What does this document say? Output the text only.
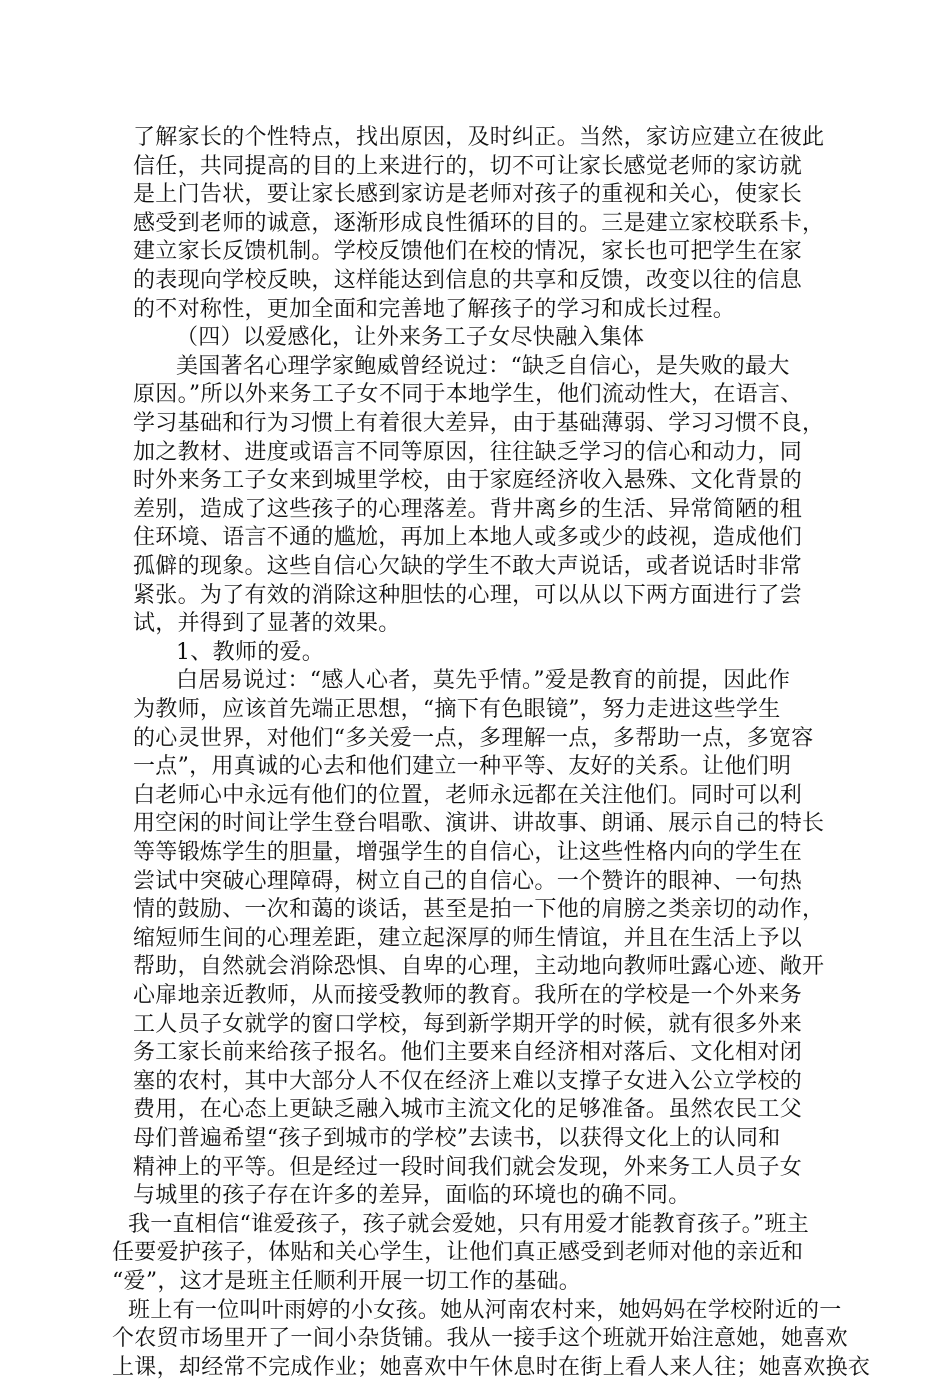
了解家长的个性特点，找出原因，及时纠正。当然，家访应建立在彼此
信任，共同提高的目的上来进行的，切不可让家长感觉老师的家访就
是上门告状，要让家长感到家访是老师对孩子的重视和关心，使家长
感受到老师的诚意，逐渐形成良性循环的目的。三是建立家校联系卡，
建立家长反馈机制。学校反馈他们在校的情况，家长也可把学生在家
的表现向学校反映，这样能达到信息的共享和反馈，改变以往的信息
的不对称性，更加全面和完善地了解孩子的学习和成长过程。
（四）以爱感化，让外来务工子女尽快融入集体
美国著名心理学家鲍威曾经说过：“缺乏自信心，是失败的最大
原因。”所以外来务工子女不同于本地学生，他们流动性大，在语言、
学习基础和行为习惯上有着很大差异，由于基础薄弱、学习习惯不良，
加之教材、进度或语言不同等原因，往往缺乏学习的信心和动力，同
时外来务工子女来到城里学校，由于家庭经济收入悬殊、文化背景的
差别，造成了这些孩子的心理落差。背井离乡的生活、异常简陋的租
住环境、语言不通的尴尬，再加上本地人或多或少的歧视，造成他们
孤僻的现象。这些自信心欠缺的学生不敢大声说话，或者说话时非常
紧张。为了有效的消除这种胆怯的心理，可以从以下两方面进行了尝
试，并得到了显著的效果。
1、教师的爱。
白居易说过：“感人心者，莫先乎情。”爱是教育的前提，因此作
为教师，应该首先端正思想，“摘下有色眼镜”，努力走进这些学生
的心灵世界，对他们“多关爱一点，多理解一点，多帮助一点，多宽容
一点”，用真诚的心去和他们建立一种平等、友好的关系。让他们明
白老师心中永远有他们的位置，老师永远都在关注他们。同时可以利
用空闲的时间让学生登台唱歌、演讲、讲故事、朗诵、展示自己的特长
等等锻炼学生的胆量，增强学生的自信心，让这些性格内向的学生在
尝试中突破心理障碍，树立自己的自信心。一个赞许的眼神、一句热
情的鼓励、一次和蔼的谈话，甚至是拍一下他的肩膀之类亲切的动作，
缩短师生间的心理差距，建立起深厚的师生情谊，并且在生活上予以
帮助，自然就会消除恐惧、自卑的心理，主动地向教师吐露心迹、敞开
心扉地亲近教师，从而接受教师的教育。我所在的学校是一个外来务
工人员子女就学的窗口学校，每到新学期开学的时候，就有很多外来
务工家长前来给孩子报名。他们主要来自经济相对落后、文化相对闭
塞的农村，其中大部分人不仅在经济上难以支撑子女进入公立学校的
费用，在心态上更缺乏融入城市主流文化的足够准备。虽然农民工父
母们普遍希望“孩子到城市的学校”去读书，以获得文化上的认同和
精神上的平等。但是经过一段时间我们就会发现，外来务工人员子女
与城里的孩子存在许多的差异，面临的环境也的确不同。
我一直相信“谁爱孩子，孩子就会爱她，只有用爱才能教育孩子。”班主
任要爱护孩子，体贴和关心学生，让他们真正感受到老师对他的亲近和
“爱”，这才是班主任顺利开展一切工作的基础。
班上有一位叫叶雨婷的小女孩。她从河南农村来，她妈妈在学校附近的一
个农贸市场里开了一间小杂货铺。我从一接手这个班就开始注意她，她喜欢
上课，却经常不完成作业；她喜欢中午休息时在街上看人来人往；她喜欢换衣
